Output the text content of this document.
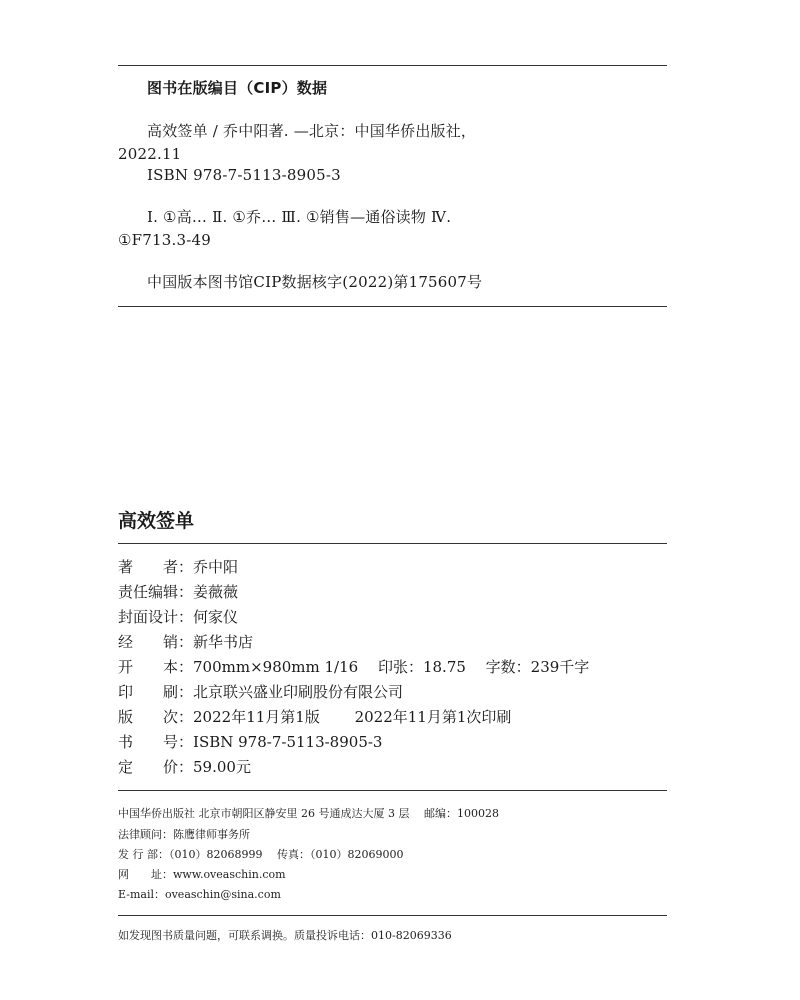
图书在版编目（CIP）数据
高效签单 / 乔中阳著. —北京：中国华侨出版社，
2022.11
ISBN 978-7-5113-8905-3
Ⅰ. ①高… Ⅱ. ①乔… Ⅲ. ①销售—通俗读物 Ⅳ.
①F713.3-49
中国版本图书馆CIP数据核字(2022)第175607号
高效签单
著　　者：乔中阳
责任编辑：姜薇薇
封面设计：何家仪
经　　销：新华书店
开　　本：700mm×980mm 1/16　 印张：18.75　 字数：239千字
印　　刷：北京联兴盛业印刷股份有限公司
版　　次：2022年11月第1版　　 2022年11月第1次印刷
书　　号：ISBN 978-7-5113-8905-3
定　　价：59.00元
中国华侨出版社 北京市朝阳区静安里 26 号通成达大厦 3 层　 邮编：100028
法律顾问：陈鹰律师事务所
发 行 部：（010）82068999　 传真：（010）82069000
网　　址：www.oveaschin.com
E-mail：oveaschin@sina.com
如发现图书质量问题，可联系调换。质量投诉电话：010-82069336
